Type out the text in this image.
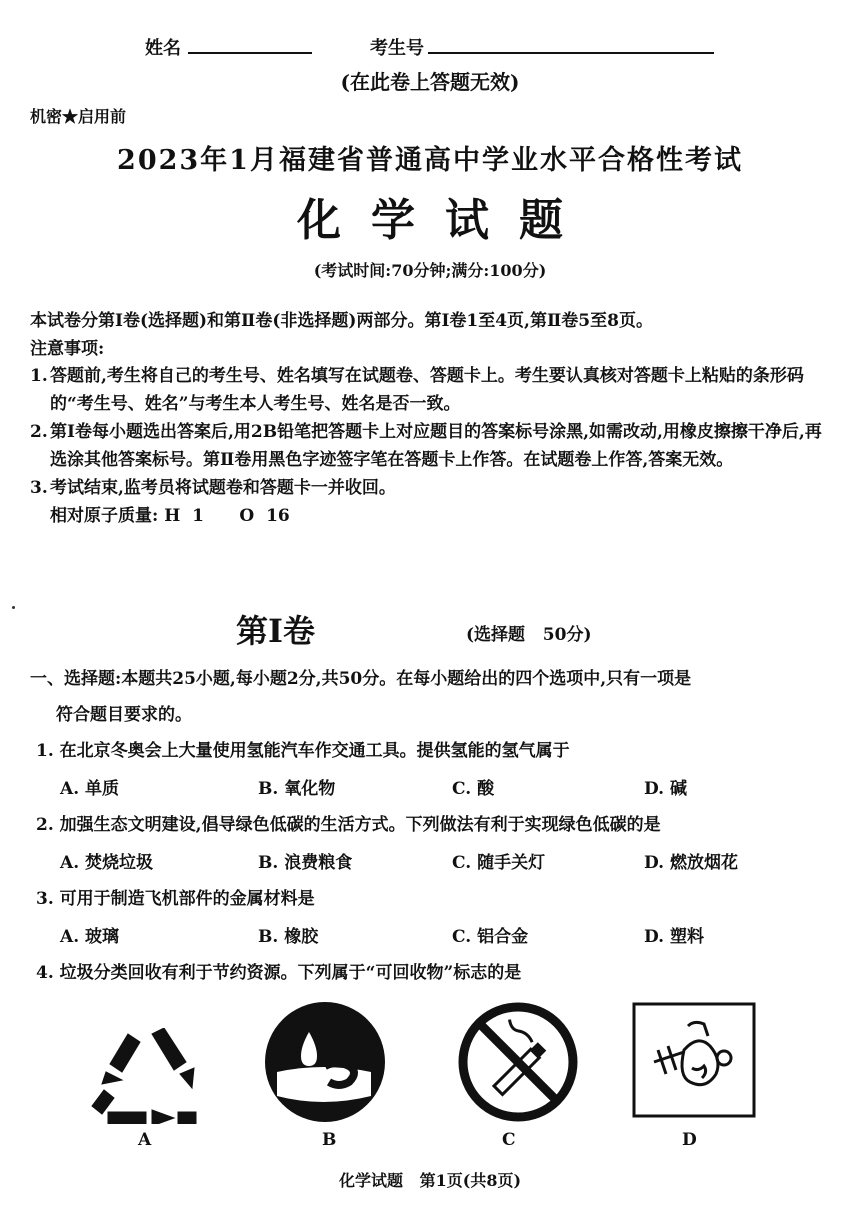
姓名	考生号
(在此卷上答题无效)
机密★启用前
2023年1月福建省普通高中学业水平合格性考试
化学试题
(考试时间:70分钟;满分:100分)
本试卷分第Ⅰ卷(选择题)和第Ⅱ卷(非选择题)两部分。第Ⅰ卷1至4页,第Ⅱ卷5至8页。
注意事项:
1. 答题前,考生将自己的考生号、姓名填写在试题卷、答题卡上。考生要认真核对答题卡上粘贴的条形码的“考生号、姓名”与考生本人考生号、姓名是否一致。
2. 第Ⅰ卷每小题选出答案后,用2B铅笔把答题卡上对应题目的答案标号涂黑,如需改动,用橡皮擦擦干净后,再选涂其他答案标号。第Ⅱ卷用黑色字迹签字笔在答题卡上作答。在试题卷上作答,答案无效。
3. 考试结束,监考员将试题卷和答题卡一并收回。
相对原子质量: H  1      O  16
第Ⅰ卷	(选择题   50分)
一、选择题:本题共25小题,每小题2分,共50分。在每小题给出的四个选项中,只有一项是
符合题目要求的。
1. 在北京冬奥会上大量使用氢能汽车作交通工具。提供氢能的氢气属于
A. 单质	B. 氧化物	C. 酸	D. 碱
2. 加强生态文明建设,倡导绿色低碳的生活方式。下列做法有利于实现绿色低碳的是
A. 焚烧垃圾	B. 浪费粮食	C. 随手关灯	D. 燃放烟花
3. 可用于制造飞机部件的金属材料是
A. 玻璃	B. 橡胶	C. 铝合金	D. 塑料
4. 垃圾分类回收有利于节约资源。下列属于“可回收物”标志的是
A	B	C	D
化学试题   第1页(共8页)
